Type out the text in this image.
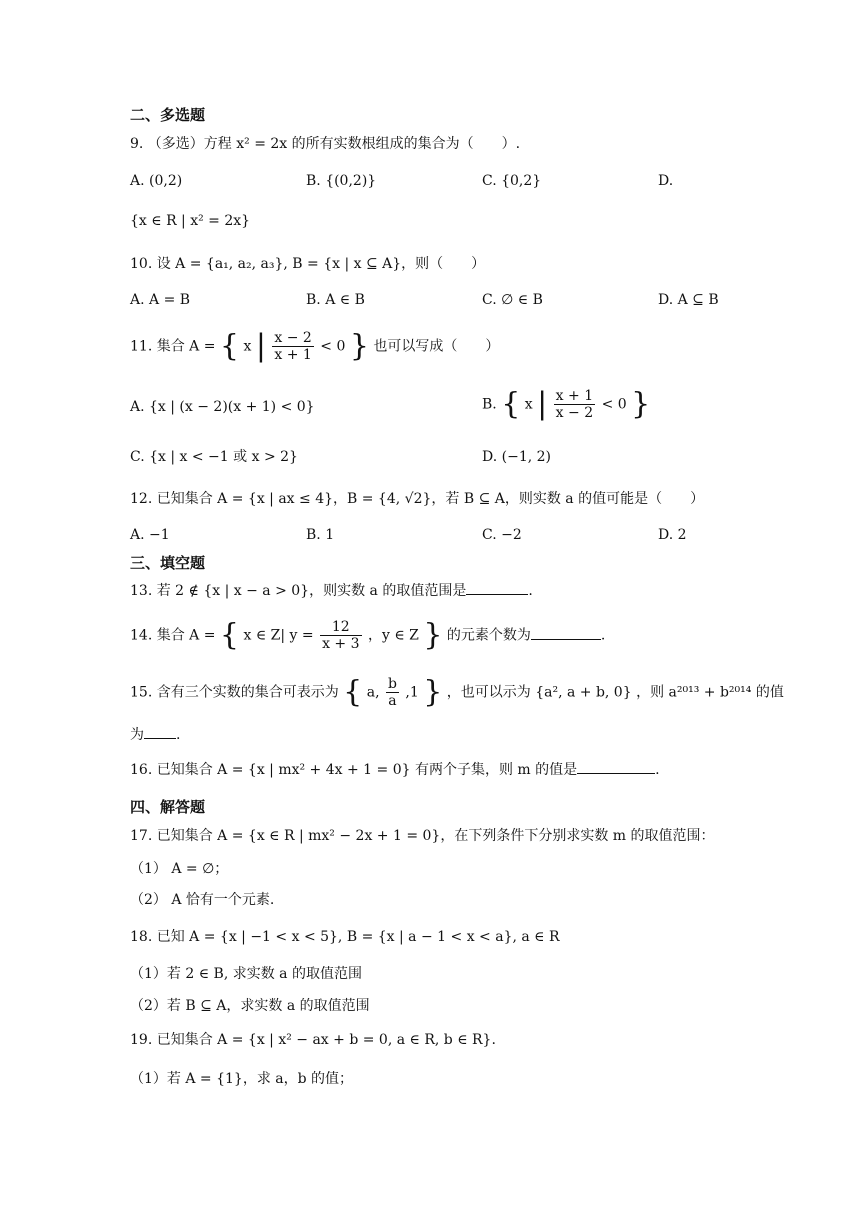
二、多选题
9. （多选）方程 x² = 2x 的所有实数根组成的集合为（　　）.
A. (0,2)	B. {(0,2)}	C. {0,2}	D.
{x ∈ R | x² = 2x}
10. 设 A = {a₁, a₂, a₃}, B = {x | x ⊆ A}，则（　　）
A. A = B	B. A ∈ B	C. ∅ ∈ B	D. A ⊆ B
11. 集合 A = { x | $\frac{x - 2}{x + 1} < 0$ } 也可以写成（　　）
A. {x | (x − 2)(x + 1) < 0}	B. { x | $\frac{x + 1}{x - 2} < 0$ }
C. {x | x < −1 或 x > 2}	D. (−1, 2)
12. 已知集合 A = {x | ax ≤ 4}，B = {4, √2}，若 B ⊆ A，则实数 a 的值可能是（　　）
A. −1	B. 1	C. −2	D. 2
三、填空题
13. 若 2 ∉ {x | x − a > 0}，则实数 a 的取值范围是	.
14. 集合 A = { x ∈ Z| $y = \frac{12}{x + 3}$ ，y ∈ Z } 的元素个数为	.
15. 含有三个实数的集合可表示为 { a, $\frac{b}{a} ,1$ } ，也可以示为 {a², a + b, 0} ，则 a²⁰¹³ + b²⁰¹⁴ 的值
为 .
16. 已知集合 A = {x | mx² + 4x + 1 = 0} 有两个子集，则 m 的值是	.
四、解答题
17. 已知集合 A = {x ∈ R | mx² − 2x + 1 = 0}，在下列条件下分别求实数 m 的取值范围：
（1） A = ∅；
（2） A 恰有一个元素.
18. 已知 A = {x | −1 < x < 5}, B = {x | a − 1 < x < a}, a ∈ R
（1）若 2 ∈ B, 求实数 a 的取值范围
（2）若 B ⊆ A，求实数 a 的取值范围
19. 已知集合 A = {x | x² − ax + b = 0, a ∈ R, b ∈ R}.
（1）若 A = {1}，求 a，b 的值；
